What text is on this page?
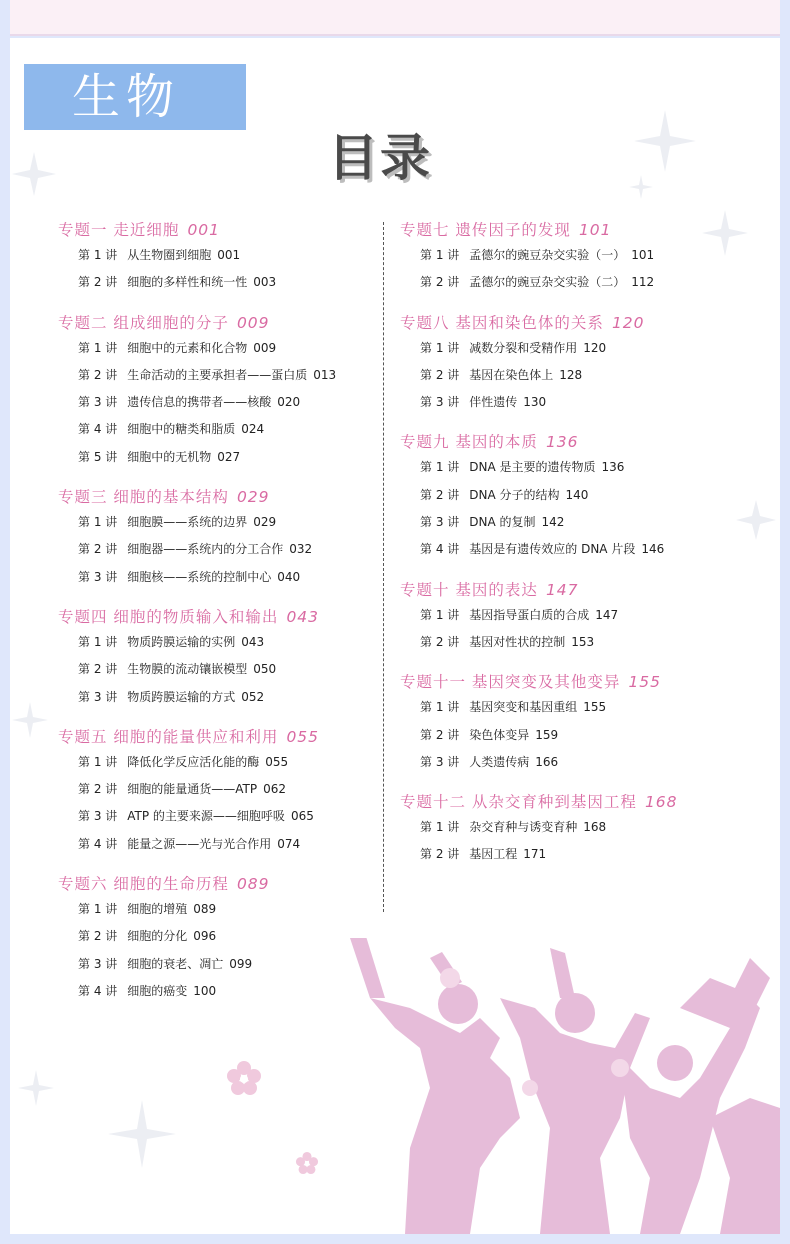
生物
目录
专题一 走近细胞 001
第 1 讲 从生物圈到细胞 001
第 2 讲 细胞的多样性和统一性 003
专题二 组成细胞的分子 009
第 1 讲 细胞中的元素和化合物 009
第 2 讲 生命活动的主要承担者——蛋白质 013
第 3 讲 遗传信息的携带者——核酸 020
第 4 讲 细胞中的糖类和脂质 024
第 5 讲 细胞中的无机物 027
专题三 细胞的基本结构 029
第 1 讲 细胞膜——系统的边界 029
第 2 讲 细胞器——系统内的分工合作 032
第 3 讲 细胞核——系统的控制中心 040
专题四 细胞的物质输入和输出 043
第 1 讲 物质跨膜运输的实例 043
第 2 讲 生物膜的流动镶嵌模型 050
第 3 讲 物质跨膜运输的方式 052
专题五 细胞的能量供应和利用 055
第 1 讲 降低化学反应活化能的酶 055
第 2 讲 细胞的能量通货——ATP 062
第 3 讲 ATP 的主要来源——细胞呼吸 065
第 4 讲 能量之源——光与光合作用 074
专题六 细胞的生命历程 089
第 1 讲 细胞的增殖 089
第 2 讲 细胞的分化 096
第 3 讲 细胞的衰老、凋亡 099
第 4 讲 细胞的癌变 100
专题七 遗传因子的发现 101
第 1 讲 孟德尔的豌豆杂交实验（一） 101
第 2 讲 孟德尔的豌豆杂交实验（二） 112
专题八 基因和染色体的关系 120
第 1 讲 减数分裂和受精作用 120
第 2 讲 基因在染色体上 128
第 3 讲 伴性遗传 130
专题九 基因的本质 136
第 1 讲 DNA 是主要的遗传物质 136
第 2 讲 DNA 分子的结构 140
第 3 讲 DNA 的复制 142
第 4 讲 基因是有遗传效应的 DNA 片段 146
专题十 基因的表达 147
第 1 讲 基因指导蛋白质的合成 147
第 2 讲 基因对性状的控制 153
专题十一 基因突变及其他变异 155
第 1 讲 基因突变和基因重组 155
第 2 讲 染色体变异 159
第 3 讲 人类遗传病 166
专题十二 从杂交育种到基因工程 168
第 1 讲 杂交育种与诱变育种 168
第 2 讲 基因工程 171
